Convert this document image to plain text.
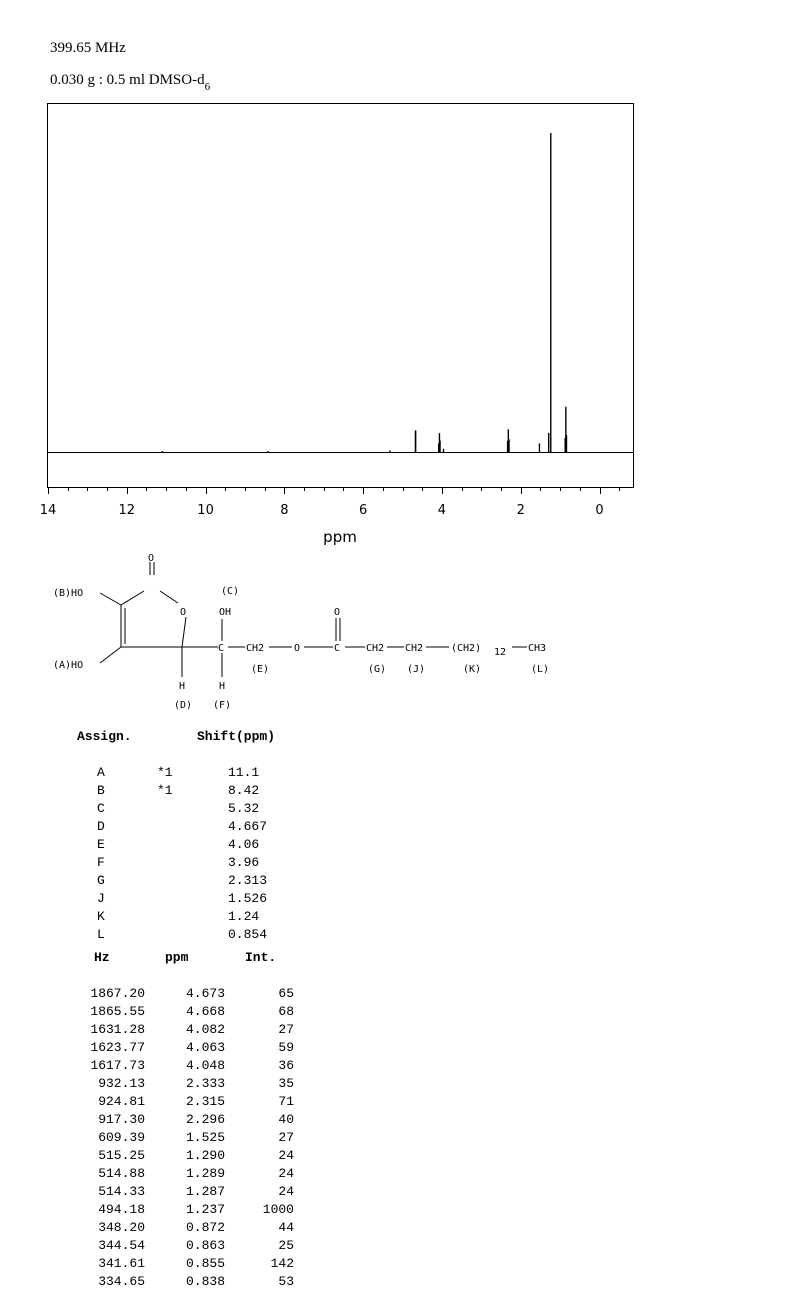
399.65 MHz
0.030 g : 0.5 ml DMSO-$d_6$
14	12	10	8	6	4	2	0
ppm
(B)HO
(A)HO
O
O
(C)
OH
C CH2	O	C
O
CH2 CH2	(CH2) 12 CH3
(E)	(G) (J)	(K)	(L)
H	H
(D) (F)
Assign.	Shift(ppm)
A	*1	11.1
B	*1	8.42
C	5.32
D	4.667
E	4.06
F	3.96
G	2.313
J	1.526
K	1.24
L	0.854
Hz	ppm	Int.
1867.20	4.673	65
1865.55	4.668	68
1631.28	4.082	27
1623.77	4.063	59
1617.73	4.048	36
932.13	2.333	35
924.81	2.315	71
917.30	2.296	40
609.39	1.525	27
515.25	1.290	24
514.88	1.289	24
514.33	1.287	24
494.18	1.237	1000
348.20	0.872	44
344.54	0.863	25
341.61	0.855	142
334.65	0.838	53
